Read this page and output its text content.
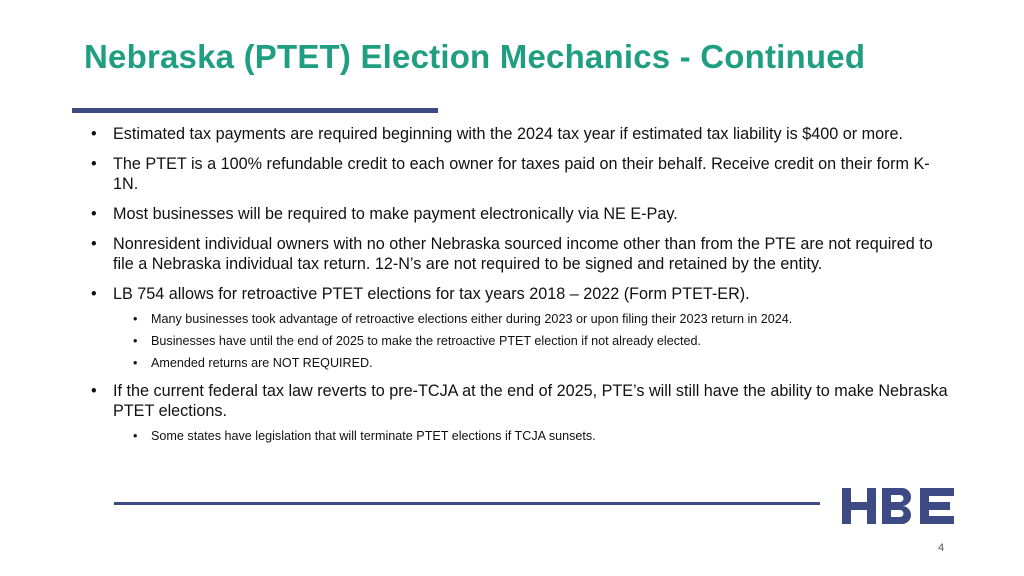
Nebraska (PTET) Election Mechanics - Continued
• Estimated tax payments are required beginning with the 2024 tax year if estimated tax liability is $400 or more.
• The PTET is a 100% refundable credit to each owner for taxes paid on their behalf. Receive credit on their form K-1N.
• Most businesses will be required to make payment electronically via NE E-Pay.
• Nonresident individual owners with no other Nebraska sourced income other than from the PTE are not required to file a Nebraska individual tax return. 12-N’s are not required to be signed and retained by the entity.
• LB 754 allows for retroactive PTET elections for tax years 2018 – 2022 (Form PTET-ER).
• Many businesses took advantage of retroactive elections either during 2023 or upon filing their 2023 return in 2024.
• Businesses have until the end of 2025 to make the retroactive PTET election if not already elected.
• Amended returns are NOT REQUIRED.
• If the current federal tax law reverts to pre-TCJA at the end of 2025, PTE’s will still have the ability to make Nebraska PTET elections.
• Some states have legislation that will terminate PTET elections if TCJA sunsets.
4
